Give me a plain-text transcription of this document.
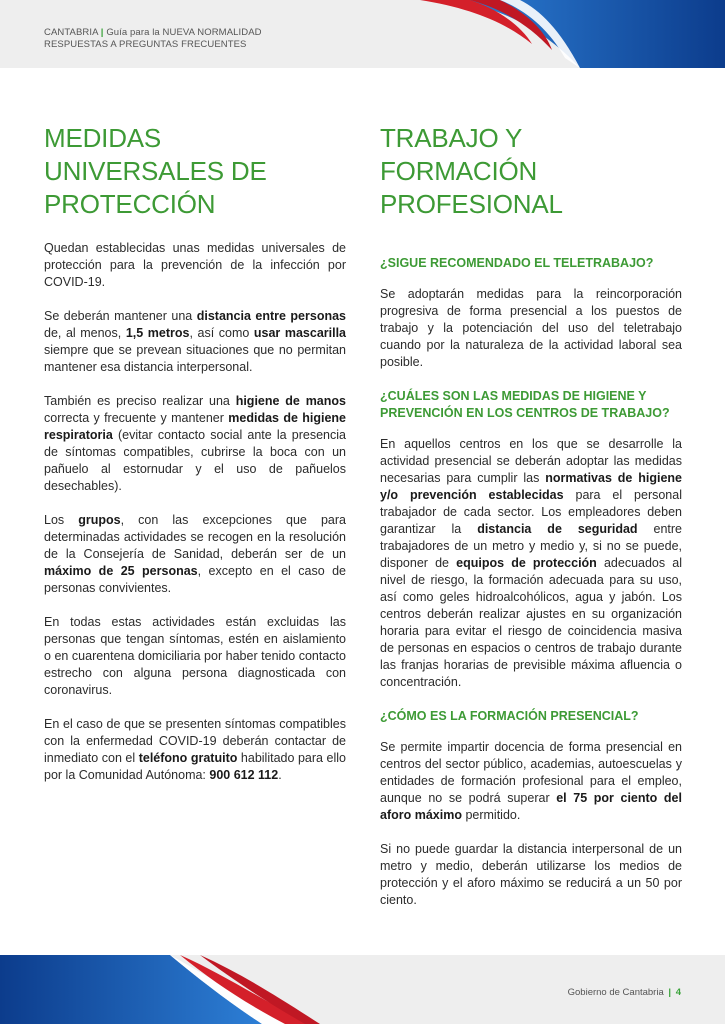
CANTABRIA | Guía para la NUEVA NORMALIDAD
RESPUESTAS A PREGUNTAS FRECUENTES
MEDIDAS UNIVERSALES DE PROTECCIÓN

Quedan establecidas unas medidas universales de protección para la prevención de la infección por COVID-19.

Se deberán mantener una distancia entre personas de, al menos, 1,5 metros, así como usar mascarilla siempre que se prevean situaciones que no permitan mantener esa distancia interpersonal.

También es preciso realizar una higiene de manos correcta y frecuente y mantener medidas de higiene respiratoria (evitar contacto social ante la presencia de síntomas compatibles, cubrirse la boca con un pañuelo al estornudar y el uso de pañuelos desechables).

Los grupos, con las excepciones que para determinadas actividades se recogen en la resolución de la Consejería de Sanidad, deberán ser de un máximo de 25 personas, excepto en el caso de personas convivientes.

En todas estas actividades están excluidas las personas que tengan síntomas, estén en aislamiento o en cuarentena domiciliaria por haber tenido contacto estrecho con alguna persona diagnosticada con coronavirus.

En el caso de que se presenten síntomas compatibles con la enfermedad COVID-19 deberán contactar de inmediato con el teléfono gratuito habilitado para ello por la Comunidad Autónoma: 900 612 112.

TRABAJO Y FORMACIÓN PROFESIONAL
¿SIGUE RECOMENDADO EL TELETRABAJO?

Se adoptarán medidas para la reincorporación progresiva de forma presencial a los puestos de trabajo y la potenciación del uso del teletrabajo cuando por la naturaleza de la actividad laboral sea posible.

¿CUÁLES SON LAS MEDIDAS DE HIGIENE Y PREVENCIÓN EN LOS CENTROS DE TRABAJO?

En aquellos centros en los que se desarrolle la actividad presencial se deberán adoptar las medidas necesarias para cumplir las normativas de higiene y/o prevención establecidas para el personal trabajador de cada sector. Los empleadores deben garantizar la distancia de seguridad entre trabajadores de un metro y medio y, si no se puede, disponer de equipos de protección adecuados al nivel de riesgo, la formación adecuada para su uso, así como geles hidroalcohólicos, agua y jabón. Los centros deberán realizar ajustes en su organización horaria para evitar el riesgo de coincidencia masiva de personas en espacios o centros de trabajo durante las franjas horarias de previsible máxima afluencia o concentración.

¿CÓMO ES LA FORMACIÓN PRESENCIAL?

Se permite impartir docencia de forma presencial en centros del sector público, academias, autoescuelas y entidades de formación profesional para el empleo, aunque no se podrá superar el 75 por ciento del aforo máximo permitido.

Si no puede guardar la distancia interpersonal de un metro y medio, deberán utilizarse los medios de protección y el aforo máximo se reducirá a un 50 por ciento.

Gobierno de Cantabria | 4
